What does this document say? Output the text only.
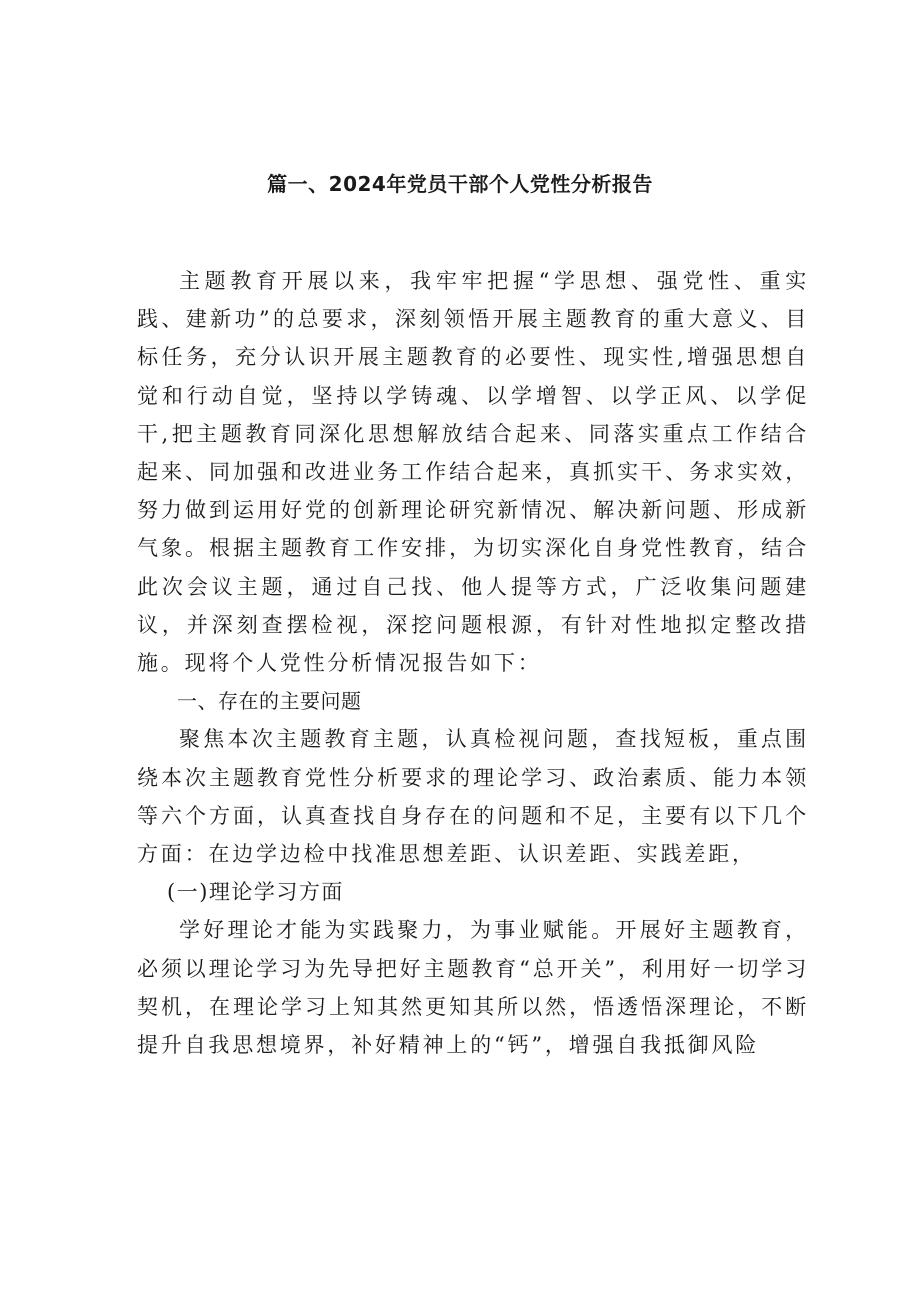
篇一、2024年党员干部个人党性分析报告

主题教育开展以来，我牢牢把握“学思想、强党性、重实践、建新功”的总要求，深刻领悟开展主题教育的重大意义、目标任务，充分认识开展主题教育的必要性、现实性,增强思想自觉和行动自觉，坚持以学铸魂、以学增智、以学正风、以学促干,把主题教育同深化思想解放结合起来、同落实重点工作结合起来、同加强和改进业务工作结合起来，真抓实干、务求实效，努力做到运用好党的创新理论研究新情况、解决新问题、形成新气象。根据主题教育工作安排，为切实深化自身党性教育，结合此次会议主题，通过自己找、他人提等方式，广泛收集问题建议，并深刻查摆检视，深挖问题根源，有针对性地拟定整改措施。现将个人党性分析情况报告如下：

一、存在的主要问题

聚焦本次主题教育主题，认真检视问题，查找短板，重点围绕本次主题教育党性分析要求的理论学习、政治素质、能力本领等六个方面，认真查找自身存在的问题和不足，主要有以下几个方面：在边学边检中找准思想差距、认识差距、实践差距，

(一)理论学习方面

学好理论才能为实践聚力，为事业赋能。开展好主题教育，必须以理论学习为先导把好主题教育“总开关”，利用好一切学习契机，在理论学习上知其然更知其所以然，悟透悟深理论，不断提升自我思想境界，补好精神上的“钙”，增强自我抵御风险
